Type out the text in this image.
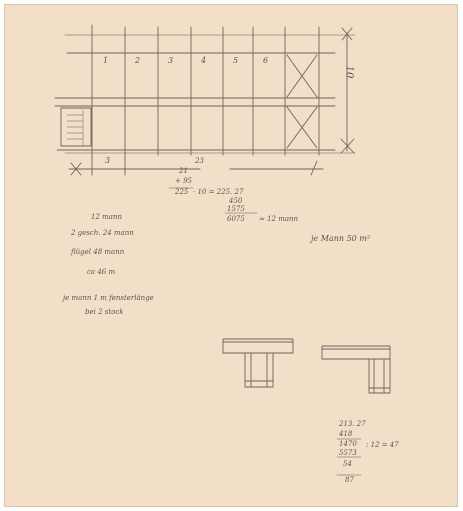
1	2	3	4	5	6
10
3	23
21
+ 95
225 · 10 = 225. 27
450
1575
6075 ≈ 12 mann
je Mann 50 m²
12 mann
2 gesch. 24 mann
flügel 48 mann
ca 46 m
je mann 1 m fensterlänge
bei 2 stock
213. 27
418
1470
5573
: 12 = 47
54
87
